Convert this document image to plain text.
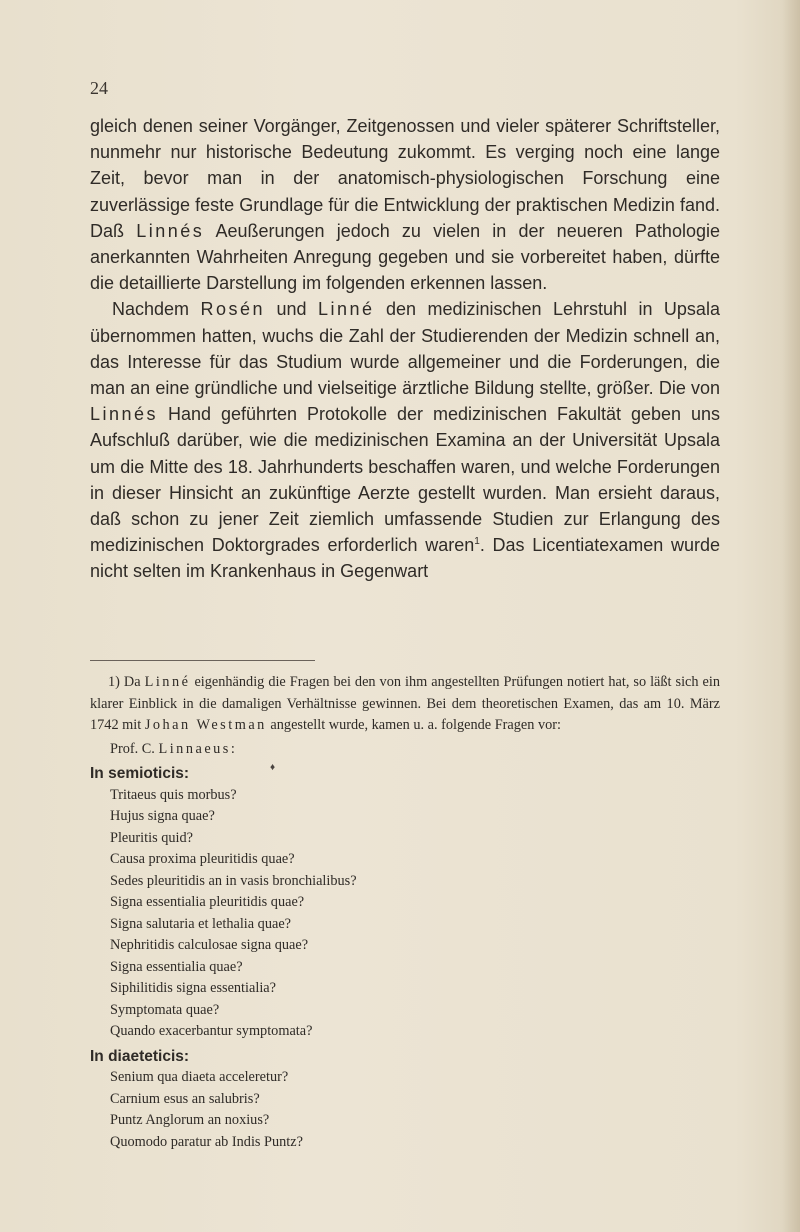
24

gleich denen seiner Vorgänger, Zeitgenossen und vieler späterer Schriftsteller, nunmehr nur historische Bedeutung zukommt. Es verging noch eine lange Zeit, bevor man in der anatomisch-physiologischen Forschung eine zuverlässige feste Grundlage für die Entwicklung der praktischen Medizin fand. Daß Linnés Aeußerungen jedoch zu vielen in der neueren Pathologie anerkannten Wahrheiten Anregung gegeben und sie vorbereitet haben, dürfte die detaillierte Darstellung im folgenden erkennen lassen.

Nachdem Rosén und Linné den medizinischen Lehrstuhl in Upsala übernommen hatten, wuchs die Zahl der Studierenden der Medizin schnell an, das Interesse für das Studium wurde allgemeiner und die Forderungen, die man an eine gründliche und vielseitige ärztliche Bildung stellte, größer. Die von Linnés Hand geführten Protokolle der medizinischen Fakultät geben uns Aufschluß darüber, wie die medizinischen Examina an der Universität Upsala um die Mitte des 18. Jahrhunderts beschaffen waren, und welche Forderungen in dieser Hinsicht an zukünftige Aerzte gestellt wurden. Man ersieht daraus, daß schon zu jener Zeit ziemlich umfassende Studien zur Erlangung des medizinischen Doktorgrades erforderlich waren$^1$. Das Licentiatexamen wurde nicht selten im Krankenhaus in Gegenwart

1) Da Linné eigenhändig die Fragen bei den von ihm angestellten Prüfungen notiert hat, so läßt sich ein klarer Einblick in die damaligen Verhältnisse gewinnen. Bei dem theoretischen Examen, das am 10. März 1742 mit Johan Westman angestellt wurde, kamen u. a. folgende Fragen vor:

Prof. C. Linnaeus:

In semioticis:

Tritaeus quis morbus?
Hujus signa quae?
Pleuritis quid?
Causa proxima pleuritidis quae?
Sedes pleuritidis an in vasis bronchialibus?
Signa essentialia pleuritidis quae?
Signa salutaria et lethalia quae?
Nephritidis calculosae signa quae?
Signa essentialia quae?
Siphilitidis signa essentialia?
Symptomata quae?
Quando exacerbantur symptomata?

In diaeteticis:

Senium qua diaeta acceleretur?
Carnium esus an salubris?
Puntz Anglorum an noxius?
Quomodo paratur ab Indis Puntz?
♦
